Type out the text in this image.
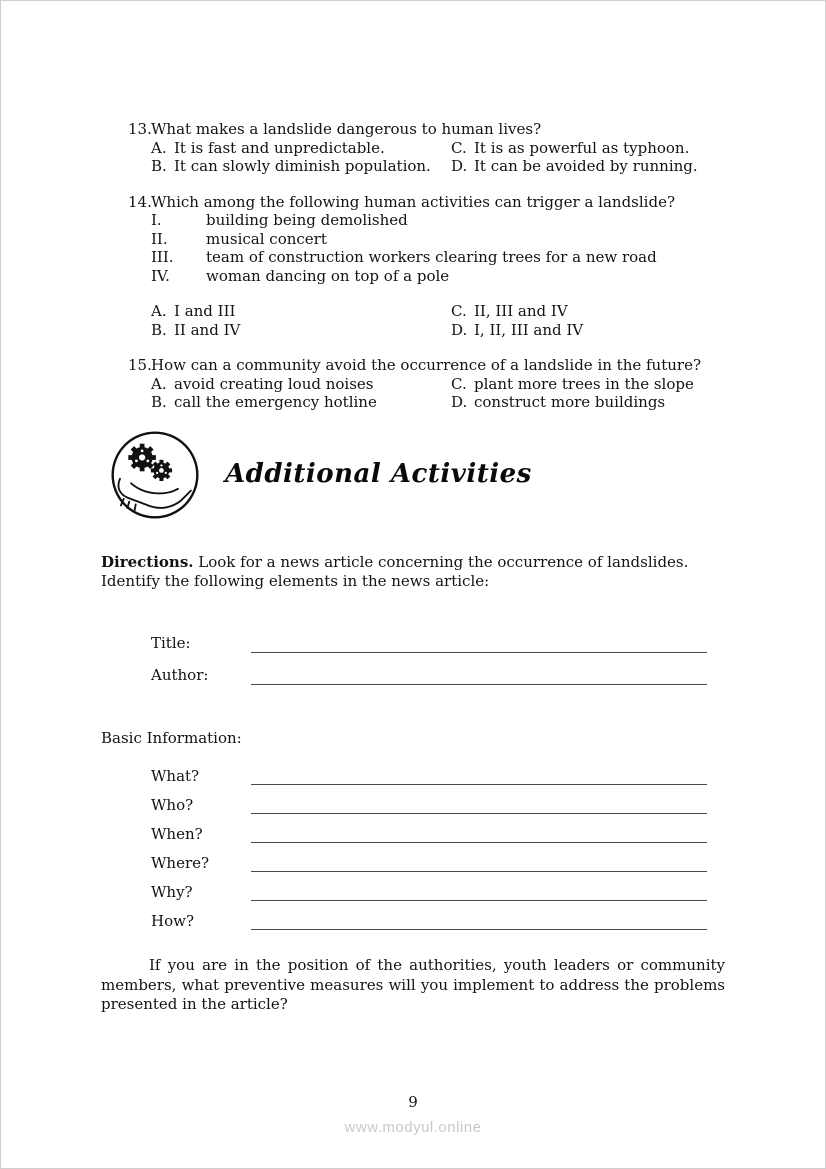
13.What makes a landslide dangerous to human lives?
A. It is fast and unpredictable.	C. It is as powerful as typhoon.
B. It can slowly diminish population.	D. It can be avoided by running.
14.Which among the following human activities can trigger a landslide?
I.	building being demolished
II.	musical concert
III.	team of construction workers clearing trees for a new road
IV.	woman dancing on top of a pole
A. I and III	C. II, III and IV
B. II and IV	D. I, II, III and IV
15.How can a community avoid the occurrence of a landslide in the future?
A. avoid creating loud noises	C. plant more trees in the slope
B. call the emergency hotline	D. construct more buildings
Additional Activities

Directions. Look for a news article concerning the occurrence of landslides. Identify the following elements in the news article:

Title:
Author:
Basic Information:
What?
Who?
When?
Where?
Why?
How?

If you are in the position of the authorities, youth leaders or community members, what preventive measures will you implement to address the problems presented in the article?

9
www.modyul.online
